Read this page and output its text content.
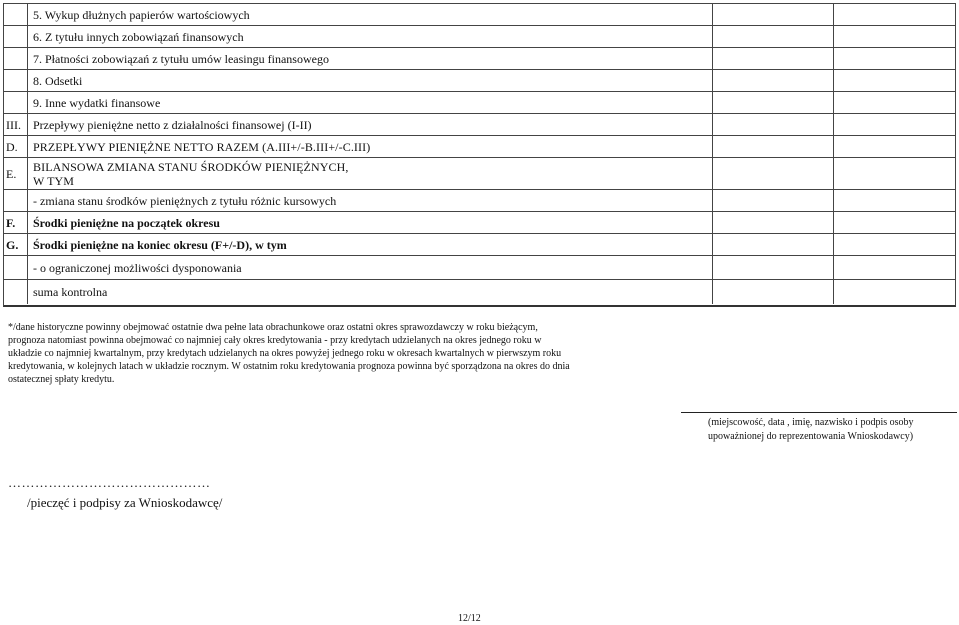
5. Wykup dłużnych papierów wartościowych
6. Z tytułu innych zobowiązań finansowych
7. Płatności zobowiązań z tytułu umów leasingu finansowego
8. Odsetki
9. Inne wydatki finansowe
III.	Przepływy pieniężne netto z działalności finansowej (I-II)
D.	PRZEPŁYWY PIENIĘŻNE NETTO RAZEM (A.III+/-B.III+/-C.III)
E.	BILANSOWA ZMIANA STANU ŚRODKÓW PIENIĘŻNYCH,
W TYM
- zmiana stanu środków pieniężnych z tytułu różnic kursowych
F.	Środki pieniężne na początek okresu
G.	Środki pieniężne na koniec okresu (F+/-D), w tym
- o ograniczonej możliwości dysponowania
suma kontrolna
*/dane historyczne powinny obejmować ostatnie dwa pełne lata obrachunkowe oraz ostatni okres sprawozdawczy w roku bieżącym,
prognoza natomiast powinna obejmować co najmniej cały okres kredytowania - przy kredytach udzielanych na okres jednego roku w
układzie co najmniej kwartalnym, przy kredytach udzielanych na okres powyżej jednego roku w okresach kwartalnych w pierwszym roku
kredytowania, w kolejnych latach w układzie rocznym. W ostatnim roku kredytowania prognoza powinna być sporządzona na okres do dnia
ostatecznej spłaty kredytu.
(miejscowość, data , imię, nazwisko i podpis osoby
upoważnionej do reprezentowania Wnioskodawcy)
………………………………………
/pieczęć i podpisy za Wnioskodawcę/
12/12
